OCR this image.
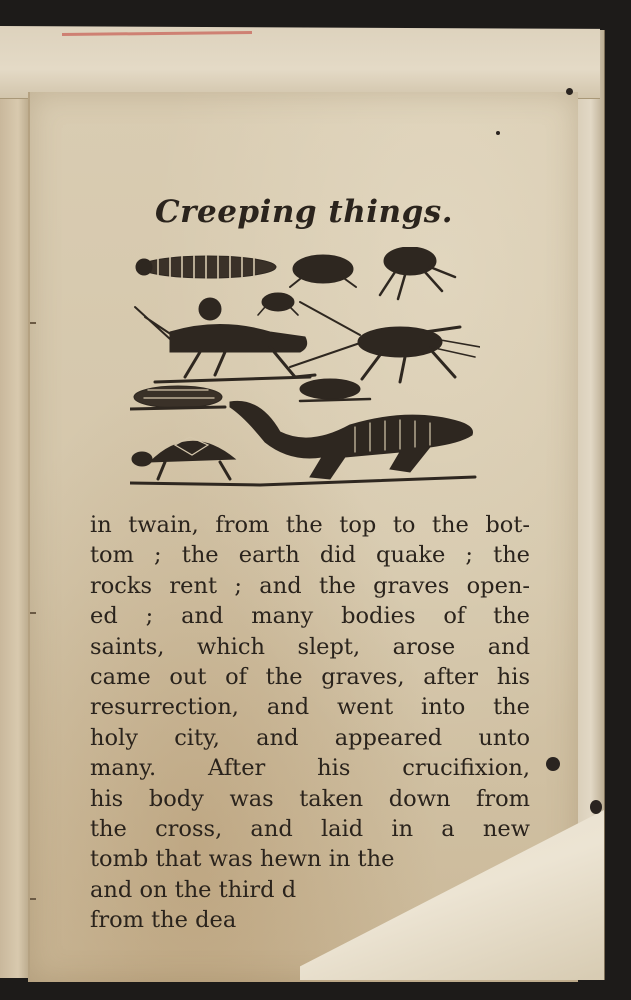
Creeping things.
in twain, from the top to the bot-
tom ; the earth did quake ; the
rocks rent ; and the graves open-
ed ; and many bodies of the
saints, which slept, arose and
came out of the graves, after his
resurrection, and went into the
holy city, and appeared unto
many. After his crucifixion,
his body was taken down from
the cross, and laid in a new
tomb that was hewn in the
and on the third d
from the dea
